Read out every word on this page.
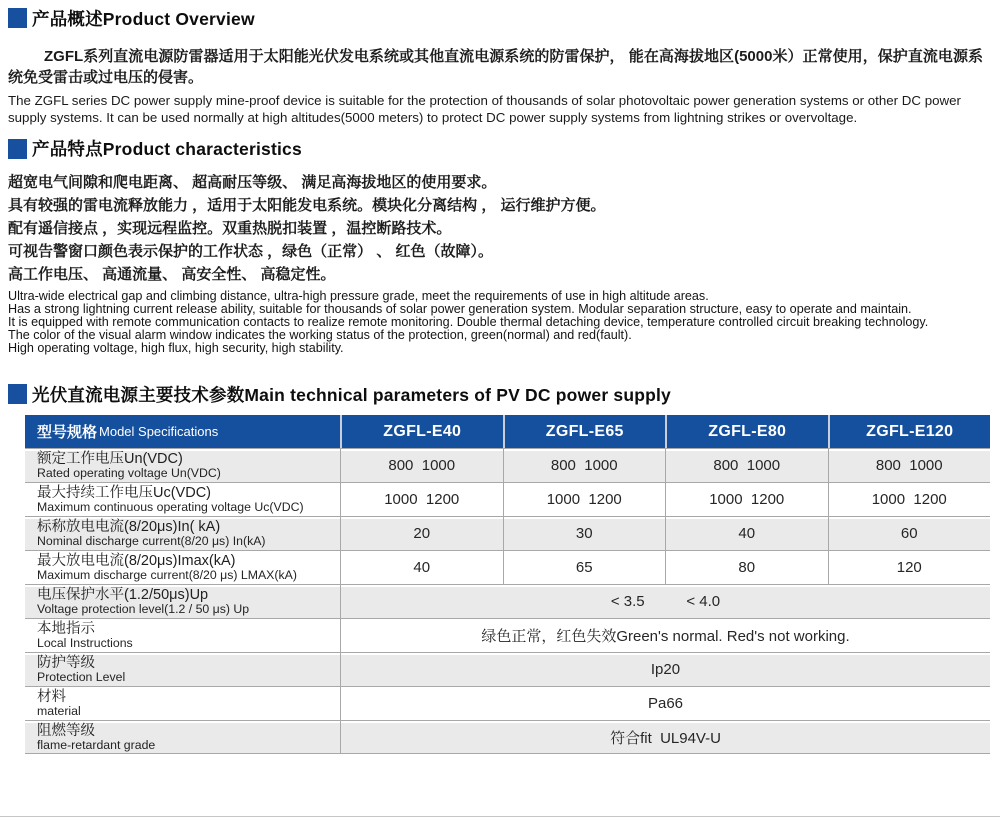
产品概述Product Overview

ZGFL系列直流电源防雷器适用于太阳能光伏发电系统或其他直流电源系统的防雷保护， 能在高海拔地区(5000米）正常使用，保护直流电源系统免受雷击或过电压的侵害。

The ZGFL series DC power supply mine-proof device is suitable for the protection of thousands of solar photovoltaic power generation systems or other DC power supply systems. It can be used normally at high altitudes(5000 meters) to protect DC power supply systems from lightning strikes or overvoltage.

产品特点Product characteristics

超宽电气间隙和爬电距离、 超高耐压等级、 满足高海拔地区的使用要求。

具有较强的雷电流释放能力 ，适用于太阳能发电系统。模块化分离结构 ， 运行维护方便。

配有遥信接点 ，实现远程监控。双重热脱扣装置 ，温控断路技术。

可视告警窗口颜色表示保护的工作状态 ，绿色（正常） 、 红色（故障）。

高工作电压、 高通流量、 高安全性、 高稳定性。

Ultra-wide electrical gap and climbing distance, ultra-high pressure grade, meet the requirements of use in high altitude areas.

Has a strong lightning current release ability, suitable for thousands of solar power generation system. Modular separation structure, easy to operate and maintain.

It is equipped with remote communication contacts to realize remote monitoring. Double thermal detaching device, temperature controlled circuit breaking technology.

The color of the visual alarm window indicates the working status of the protection, green(normal) and red(fault).

High operating voltage, high flux, high security, high stability.

光伏直流电源主要技术参数Main technical parameters of PV DC power supply
型号规格 Model Specifications	ZGFL-E40	ZGFL-E65	ZGFL-E80	ZGFL-E120
额定工作电压Un(VDC)
Rated operating voltage Un(VDC)	800  1000	800  1000	800  1000	800  1000
最大持续工作电压Uc(VDC)
Maximum continuous operating voltage Uc(VDC)	1000  1200	1000  1200	1000  1200	1000  1200
标称放电电流(8/20μs)In( kA)
Nominal discharge current(8/20 μs) In(kA)	20	30	40	60
最大放电电流(8/20μs)Imax(kA)
Maximum discharge current(8/20 μs) LMAX(kA)	40	65	80	120
电压保护水平(1.2/50μs)Up
Voltage protection level(1.2 / 50 μs) Up	< 3.5          < 4.0
本地指示
Local Instructions	绿色正常，红色失效Green's normal. Red's not working.
防护等级
Protection Level	Ip20
材料
material	Pa66
阻燃等级
flame-retardant grade	符合fit  UL94V-U
